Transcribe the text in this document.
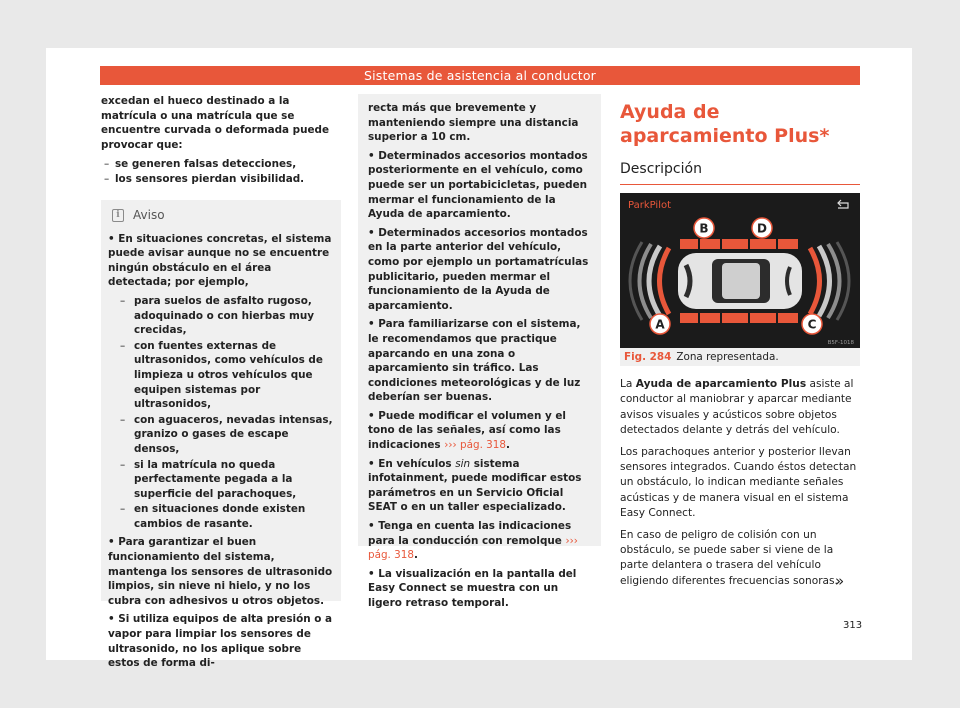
Sistemas de asistencia al conductor

excedan el hueco destinado a la matrícula o una matrícula que se encuentre curvada o deformada puede provocar que:

– se generen falsas detecciones,
– los sensores pierdan visibilidad.
i	Aviso

• En situaciones concretas, el sistema puede avisar aunque no se encuentre ningún obstáculo en el área detectada; por ejemplo,

– para suelos de asfalto rugoso, adoquinado o con hierbas muy crecidas,
– con fuentes externas de ultrasonidos, como vehículos de limpieza u otros vehículos que equipen sistemas por ultrasonidos,
– con aguaceros, nevadas intensas, granizo o gases de escape densos,
– si la matrícula no queda perfectamente pegada a la superficie del parachoques,
– en situaciones donde existen cambios de rasante.

• Para garantizar el buen funcionamiento del sistema, mantenga los sensores de ultrasonido limpios, sin nieve ni hielo, y no los cubra con adhesivos u otros objetos.

• Si utiliza equipos de alta presión o a vapor para limpiar los sensores de ultrasonido, no los aplique sobre estos de forma di-

recta más que brevemente y manteniendo siempre una distancia superior a 10 cm.

• Determinados accesorios montados posteriormente en el vehículo, como puede ser un portabicicletas, pueden mermar el funcionamiento de la Ayuda de aparcamiento.

• Determinados accesorios montados en la parte anterior del vehículo, como por ejemplo un portamatrículas publicitario, pueden mermar el funcionamiento de la Ayuda de aparcamiento.

• Para familiarizarse con el sistema, le recomendamos que practique aparcando en una zona o aparcamiento sin tráfico. Las condiciones meteorológicas y de luz deberían ser buenas.

• Puede modificar el volumen y el tono de las señales, así como las indicaciones ››› pág. 318.

• En vehículos sin sistema infotainment, puede modificar estos parámetros en un Servicio Oficial SEAT o en un taller especializado.

• Tenga en cuenta las indicaciones para la conducción con remolque ››› pág. 318.

• La visualización en la pantalla del Easy Connect se muestra con un ligero retraso temporal.

Ayuda de aparcamiento Plus*
Descripción
ParkPilot
B	D
A	C
B5F-1018
Fig. 284 Zona representada.

La Ayuda de aparcamiento Plus asiste al conductor al maniobrar y aparcar mediante avisos visuales y acústicos sobre objetos detectados delante y detrás del vehículo.

Los parachoques anterior y posterior llevan sensores integrados. Cuando éstos detectan un obstáculo, lo indican mediante señales acústicas y de manera visual en el sistema Easy Connect.

En caso de peligro de colisión con un obstáculo, se puede saber si viene de la parte delantera o trasera del vehículo eligiendo diferentes frecuencias sonoras.

»
313
